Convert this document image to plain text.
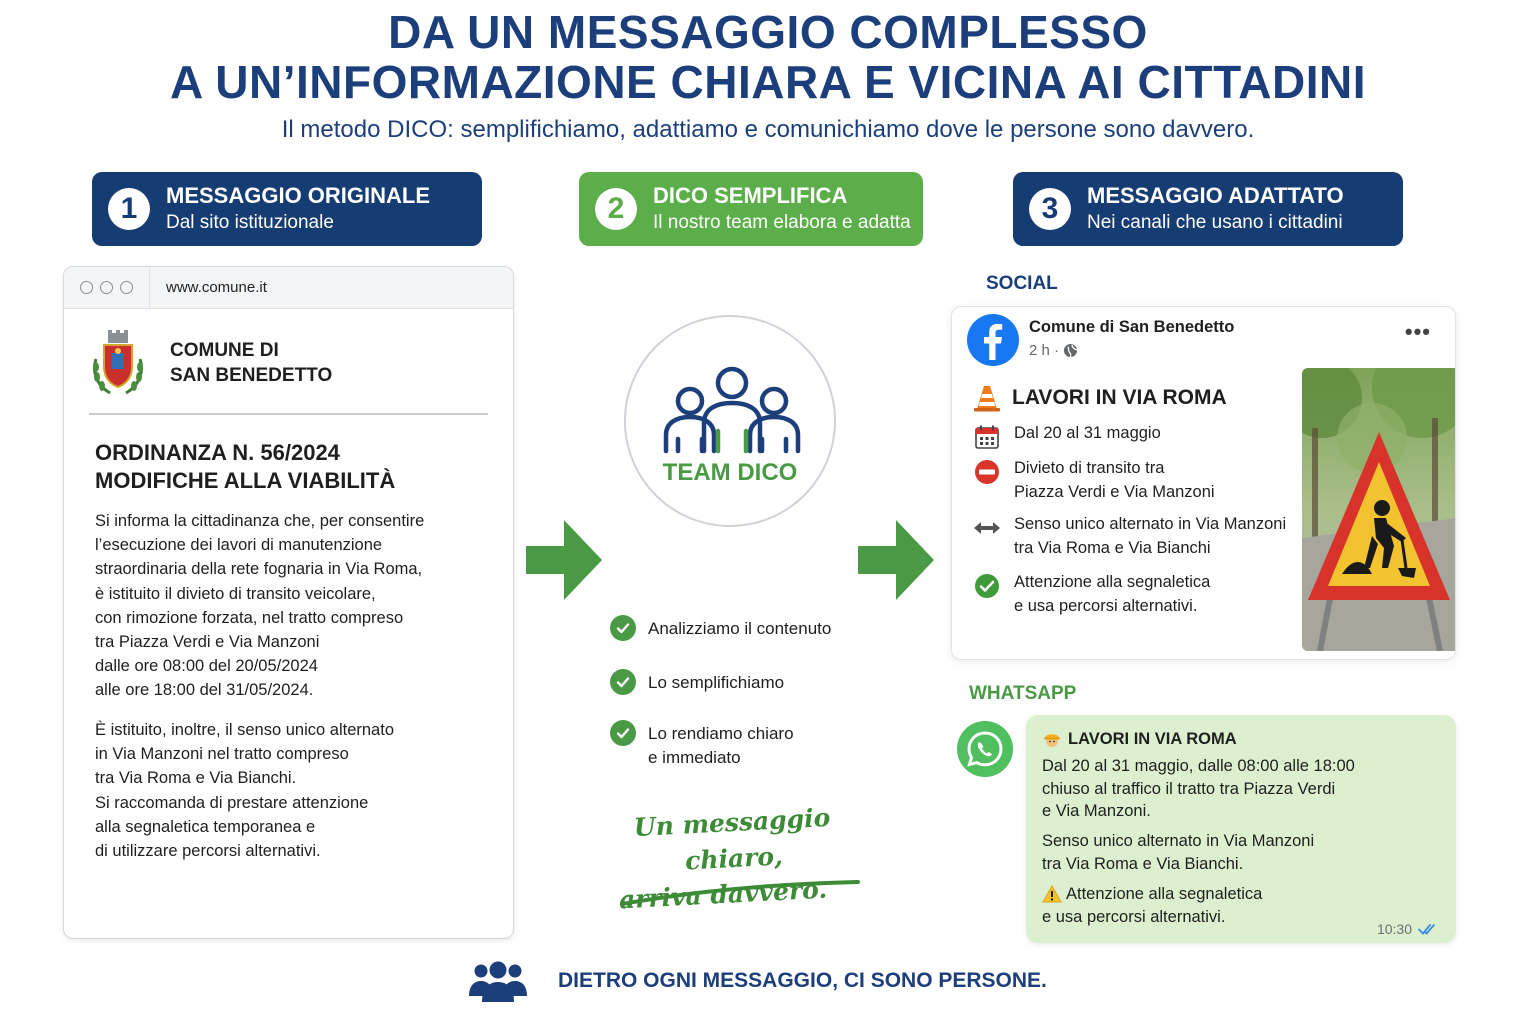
DA UN MESSAGGIO COMPLESSO
A UN’INFORMAZIONE CHIARA E VICINA AI CITTADINI
Il metodo DICO: semplifichiamo, adattiamo e comunichiamo dove le persone sono davvero.
1	MESSAGGIO ORIGINALE
Dal sito istituzionale	2	DICO SEMPLIFICA
Il nostro team elabora e adatta	3	MESSAGGIO ADATTATO
Nei canali che usano i cittadini
www.comune.it
COMUNE DI
SAN BENEDETTO
ORDINANZA N. 56/2024
MODIFICHE ALLA VIABILITÀ
Si informa la cittadinanza che, per consentire
l’esecuzione dei lavori di manutenzione
straordinaria della rete fognaria in Via Roma,
è istituito il divieto di transito veicolare,
con rimozione forzata, nel tratto compreso
tra Piazza Verdi e Via Manzoni
dalle ore 08:00 del 20/05/2024
alle ore 18:00 del 31/05/2024.
È istituito, inoltre, il senso unico alternato
in Via Manzoni nel tratto compreso
tra Via Roma e Via Bianchi.
Si raccomanda di prestare attenzione
alla segnaletica temporanea e
di utilizzare percorsi alternativi.
TEAM DICO
Analizziamo il contenuto
Lo semplifichiamo
Lo rendiamo chiaro
e immediato
Un messaggio chiaro,
arriva davvero.
SOCIAL
Comune di San Benedetto
2 h ·
•••
LAVORI IN VIA ROMA
Dal 20 al 31 maggio
Divieto di transito tra
Piazza Verdi e Via Manzoni
Senso unico alternato in Via Manzoni
tra Via Roma e Via Bianchi
Attenzione alla segnaletica
e usa percorsi alternativi.
WHATSAPP
LAVORI IN VIA ROMA
Dal 20 al 31 maggio, dalle 08:00 alle 18:00
chiuso al traffico il tratto tra Piazza Verdi
e Via Manzoni.
Senso unico alternato in Via Manzoni
tra Via Roma e Via Bianchi.
Attenzione alla segnaletica
e usa percorsi alternativi.
10:30
DIETRO OGNI MESSAGGIO, CI SONO PERSONE.
